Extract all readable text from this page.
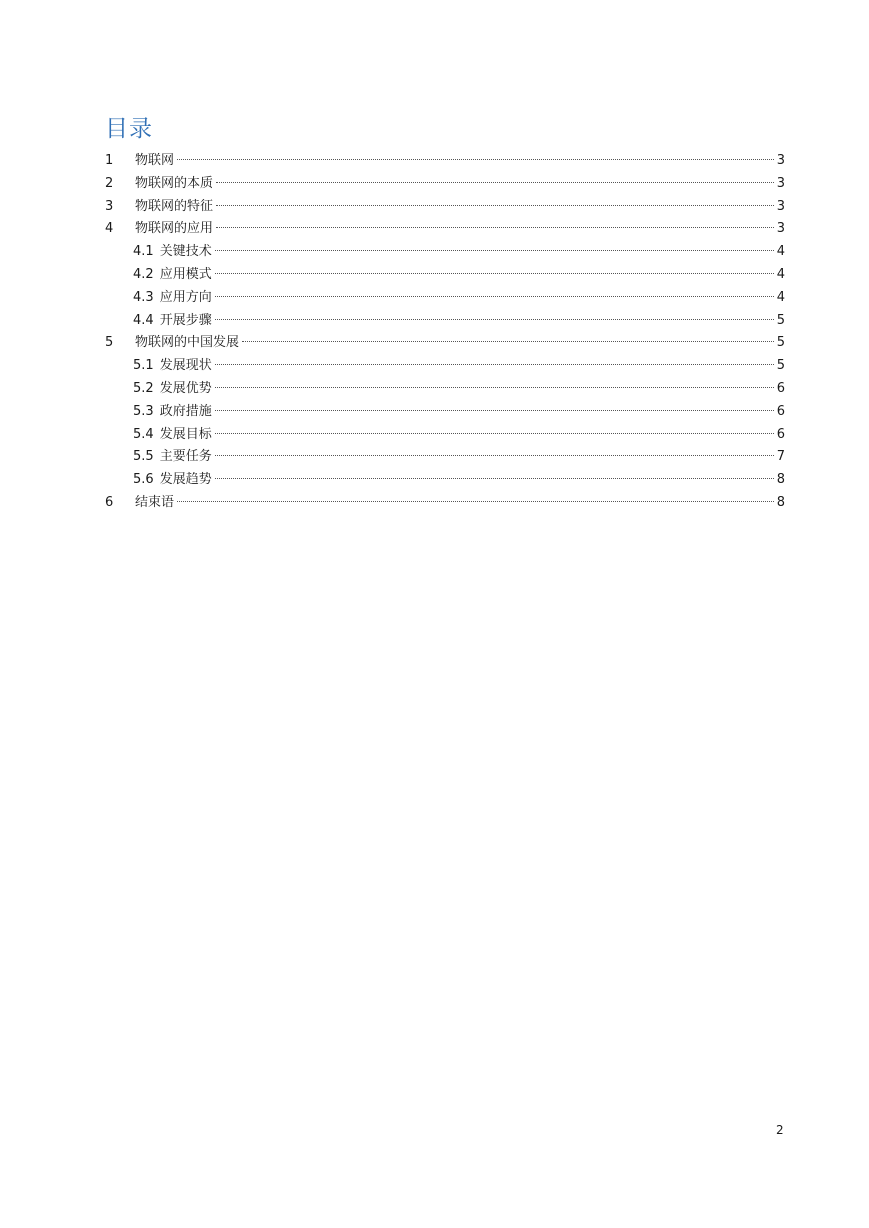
目录
1	物联网	3
2	物联网的本质	3
3	物联网的特征	3
4	物联网的应用	3
4.1 关键技术	4
4.2 应用模式	4
4.3 应用方向	4
4.4 开展步骤	5
5	物联网的中国发展	5
5.1 发展现状	5
5.2 发展优势	6
5.3 政府措施	6
5.4 发展目标	6
5.5 主要任务	7
5.6 发展趋势	8
6	结束语	8
2
